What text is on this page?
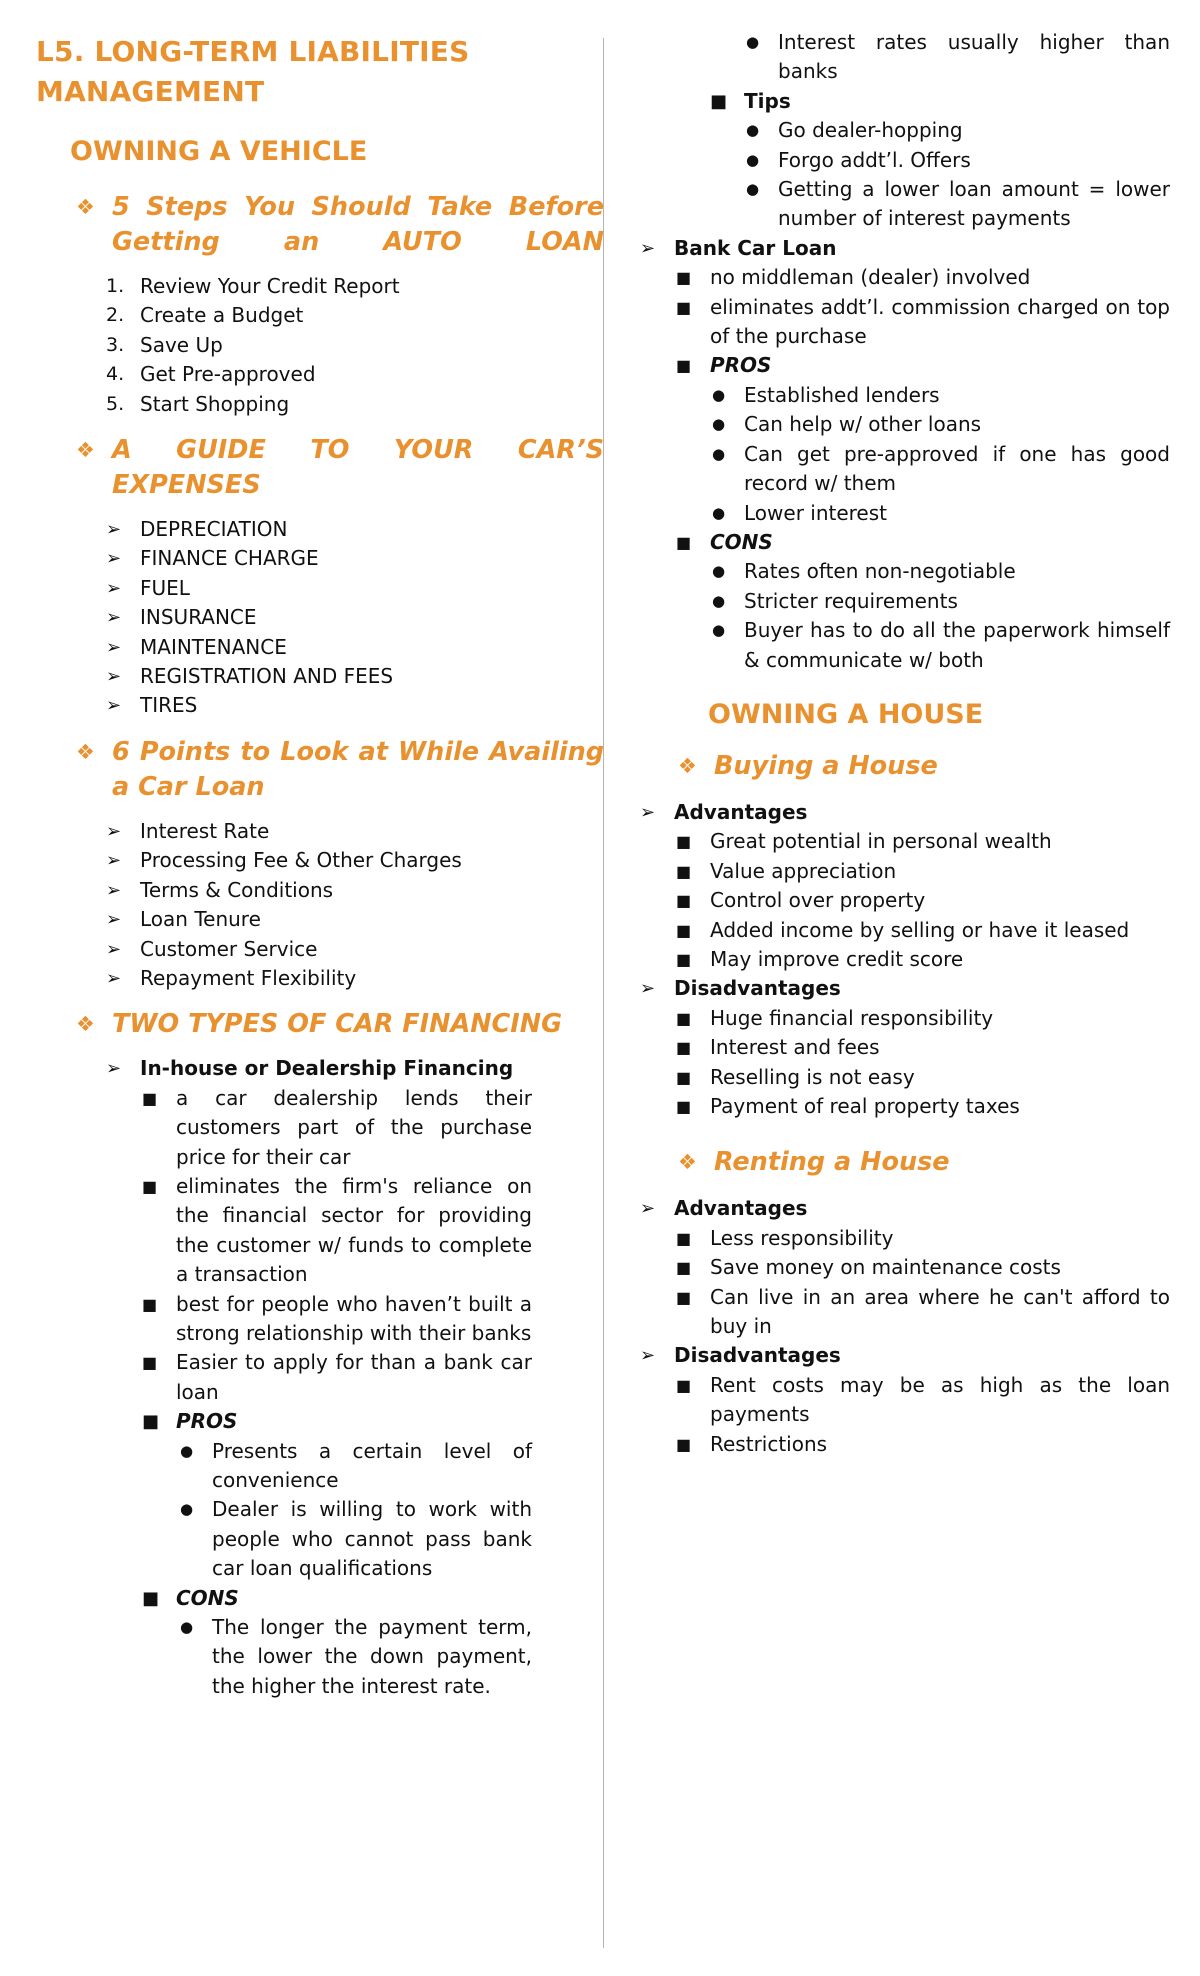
L5. LONG-TERM LIABILITIES
MANAGEMENT
OWNING A VEHICLE
❖ 5 Steps You Should Take Before Getting an AUTO LOAN
1. Review Your Credit Report
2. Create a Budget
3. Save Up
4. Get Pre-approved
5. Start Shopping
❖ A GUIDE TO YOUR CAR’S EXPENSES
➢ DEPRECIATION
➢ FINANCE CHARGE
➢ FUEL
➢ INSURANCE
➢ MAINTENANCE
➢ REGISTRATION AND FEES
➢ TIRES
❖ 6 Points to Look at While Availing a Car Loan
➢ Interest Rate
➢ Processing Fee & Other Charges
➢ Terms & Conditions
➢ Loan Tenure
➢ Customer Service
➢ Repayment Flexibility
❖ TWO TYPES OF CAR FINANCING
➢ In-house or Dealership Financing
■ a car dealership lends their customers part of the purchase price for their car
■ eliminates the firm's reliance on the financial sector for providing the customer w/ funds to complete a transaction
■ best for people who haven’t built a strong relationship with their banks
■ Easier to apply for than a bank car loan
■ PROS
● Presents a certain level of convenience
● Dealer is willing to work with people who cannot pass bank car loan qualifications
■ CONS
● The longer the payment term, the lower the down payment, the higher the interest rate.
● Interest rates usually higher than banks
■ Tips
● Go dealer-hopping
● Forgo addt’l. Offers
● Getting a lower loan amount = lower number of interest payments
➢ Bank Car Loan
■ no middleman (dealer) involved
■ eliminates addt’l. commission charged on top of the purchase
■ PROS
● Established lenders
● Can help w/ other loans
● Can get pre-approved if one has good record w/ them
● Lower interest
■ CONS
● Rates often non-negotiable
● Stricter requirements
● Buyer has to do all the paperwork himself & communicate w/ both
OWNING A HOUSE
❖ Buying a House
➢ Advantages
■ Great potential in personal wealth
■ Value appreciation
■ Control over property
■ Added income by selling or have it leased
■ May improve credit score
➢ Disadvantages
■ Huge financial responsibility
■ Interest and fees
■ Reselling is not easy
■ Payment of real property taxes
❖ Renting a House
➢ Advantages
■ Less responsibility
■ Save money on maintenance costs
■ Can live in an area where he can't afford to buy in
➢ Disadvantages
■ Rent costs may be as high as the loan payments
■ Restrictions
